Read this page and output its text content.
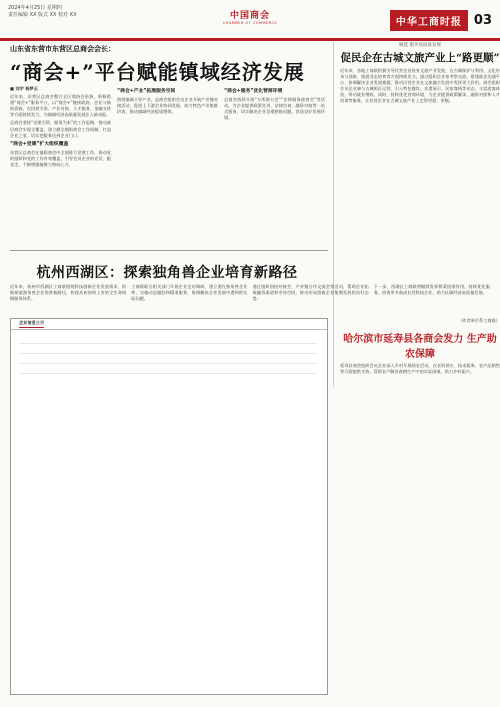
2024年4月25日 星期四
责任编辑 XX 版式 XX 校对 XX	中国商会
CHAMBER OF COMMERCE	中华工商时报 03
山东省东营市东营区总商会会长：
“商会+”平台赋能镇域经济发展
■ 刘宇 杨梦云

近年来，东营区总商会整合全区商协会资源，积极搭建“商会+”服务平台，以“商会+”链接政府、企业与镇街资源，在招商引资、产业对接、人才服务、金融支持等方面持续发力，为镇域经济高质量发展注入新动能。

总商会坚持“党建引领、服务为本”的工作思路，推动基层商会实现全覆盖，建立健全镇街商会工作机制，打造企业之家，切实把服务送到企业门口。

“商会+党建”扩大组织覆盖

东营区总商会在镇街商会中全面推行党建工作，推动党的组织和党的工作有效覆盖，引导会员企业听党话、跟党走，不断增强凝聚力和向心力。

“商会+产业”拓展服务空间

围绕镇域主导产业，总商会组织会员企业开展产业链对接活动，促进上下游企业协同发展，助力特色产业集群培育，推动镇域经济提质增效。

“商会+服务”优化营商环境

总商会持续开展“万所联万会”“法律服务进商会”等活动，为企业提供政策宣讲、法律咨询、融资对接等一站式服务，切实解决企业急难愁盼问题，营造良好发展环境。

赋能 服务高质量发展
促民企在古城文旅产业上“路更顺”
近年来，各地工商联积极引导民营企业投身文旅产业发展，在古城保护与利用、文化传承与创新、旅游业态培育等方面持续发力。通过组织企业家考察交流、搭建政企沟通平台、协调解决企业发展难题，推动民营企业在文旅融合发展中发挥更大作用。商会组织会员企业参与古城街区运营，引入特色餐饮、非遗展示、民宿客栈等业态，丰富游客体验，带动就业增收。同时，持续优化营商环境，为企业提供政策解读、融资对接和人才培训等服务，让民营企业在古城文旅产业上走得更稳、更顺。
（作者单位系工商联）
哈尔滨市延寿县各商会发力 生产助农保障
延寿县商会组织会员企业深入乡村开展助农活动，在农资供应、技术服务、农产品销售等方面提供支持，帮助农户解决春耕生产中的实际困难，助力乡村振兴。
杭州西湖区：探索独角兽企业培育新路径
近年来，杭州市西湖区工商联围绕科技创新企业发展需求，积极探索独角兽企业培育新路径，构建从初创到上市的全生命周期服务体系。
工商联联合相关部门开展企业走访调研，建立潜在独角兽企业库，实施动态跟踪和精准服务，协调解决企业发展中遇到的实际问题。
通过组织创投对接会、产业链合作交流会等活动，帮助企业拓展融资渠道和市场空间，推动形成创新企业集聚发展的良好态势。
下一步，西湖区工商联将继续发挥桥梁纽带作用，持续优化服务，培育更多高成长性科技企业，助力区域经济高质量发展。
企业信息公示
